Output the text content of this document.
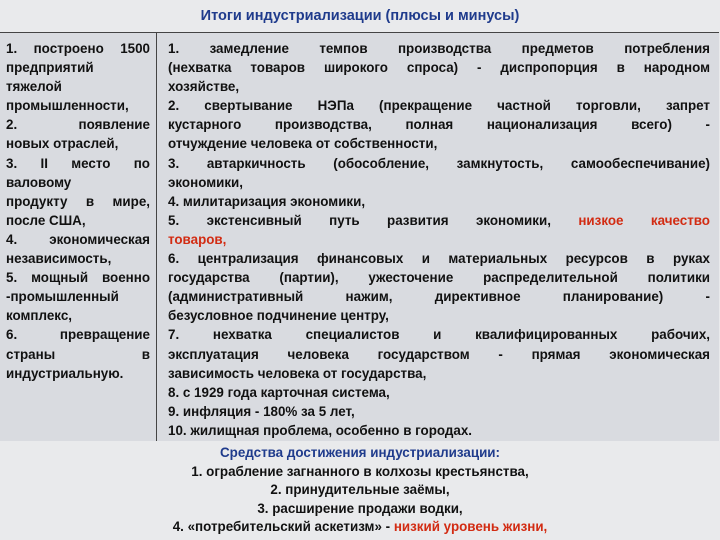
Итоги индустриализации (плюсы и минусы)
1. построено 1500
предприятий
тяжелой
промышленности,
2. появление
новых отраслей,
3. II место по
валовому
продукту в мире,
после США,
4. экономическая
независимость,
5. мощный военно
-промышленный
комплекс,
6. превращение
страны в
индустриальную.
1. замедление темпов производства предметов потребления
(нехватка товаров широкого спроса) - диспропорция в народном
хозяйстве,
2. свертывание НЭПа (прекращение частной торговли, запрет
кустарного производства, полная национализация всего) -
отчуждение человека от собственности,
3. автаркичность (обособление, замкнутость, самообеспечивание)
экономики,
4. милитаризация экономики,
5. экстенсивный путь развития экономики, низкое качество
товаров,
6. централизация финансовых и материальных ресурсов в руках
государства (партии), ужесточение распределительной политики
(административный нажим, директивное планирование) -
безусловное подчинение центру,
7. нехватка специалистов и квалифицированных рабочих,
эксплуатация человека государством - прямая экономическая
зависимость человека от государства,
8. с 1929 года карточная система,
9. инфляция - 180% за 5 лет,
10. жилищная проблема, особенно в городах.
Средства достижения индустриализации:
1. ограбление загнанного в колхозы крестьянства,
2. принудительные заёмы,
3. расширение продажи водки,
4. «потребительский аскетизм» - низкий уровень жизни,
